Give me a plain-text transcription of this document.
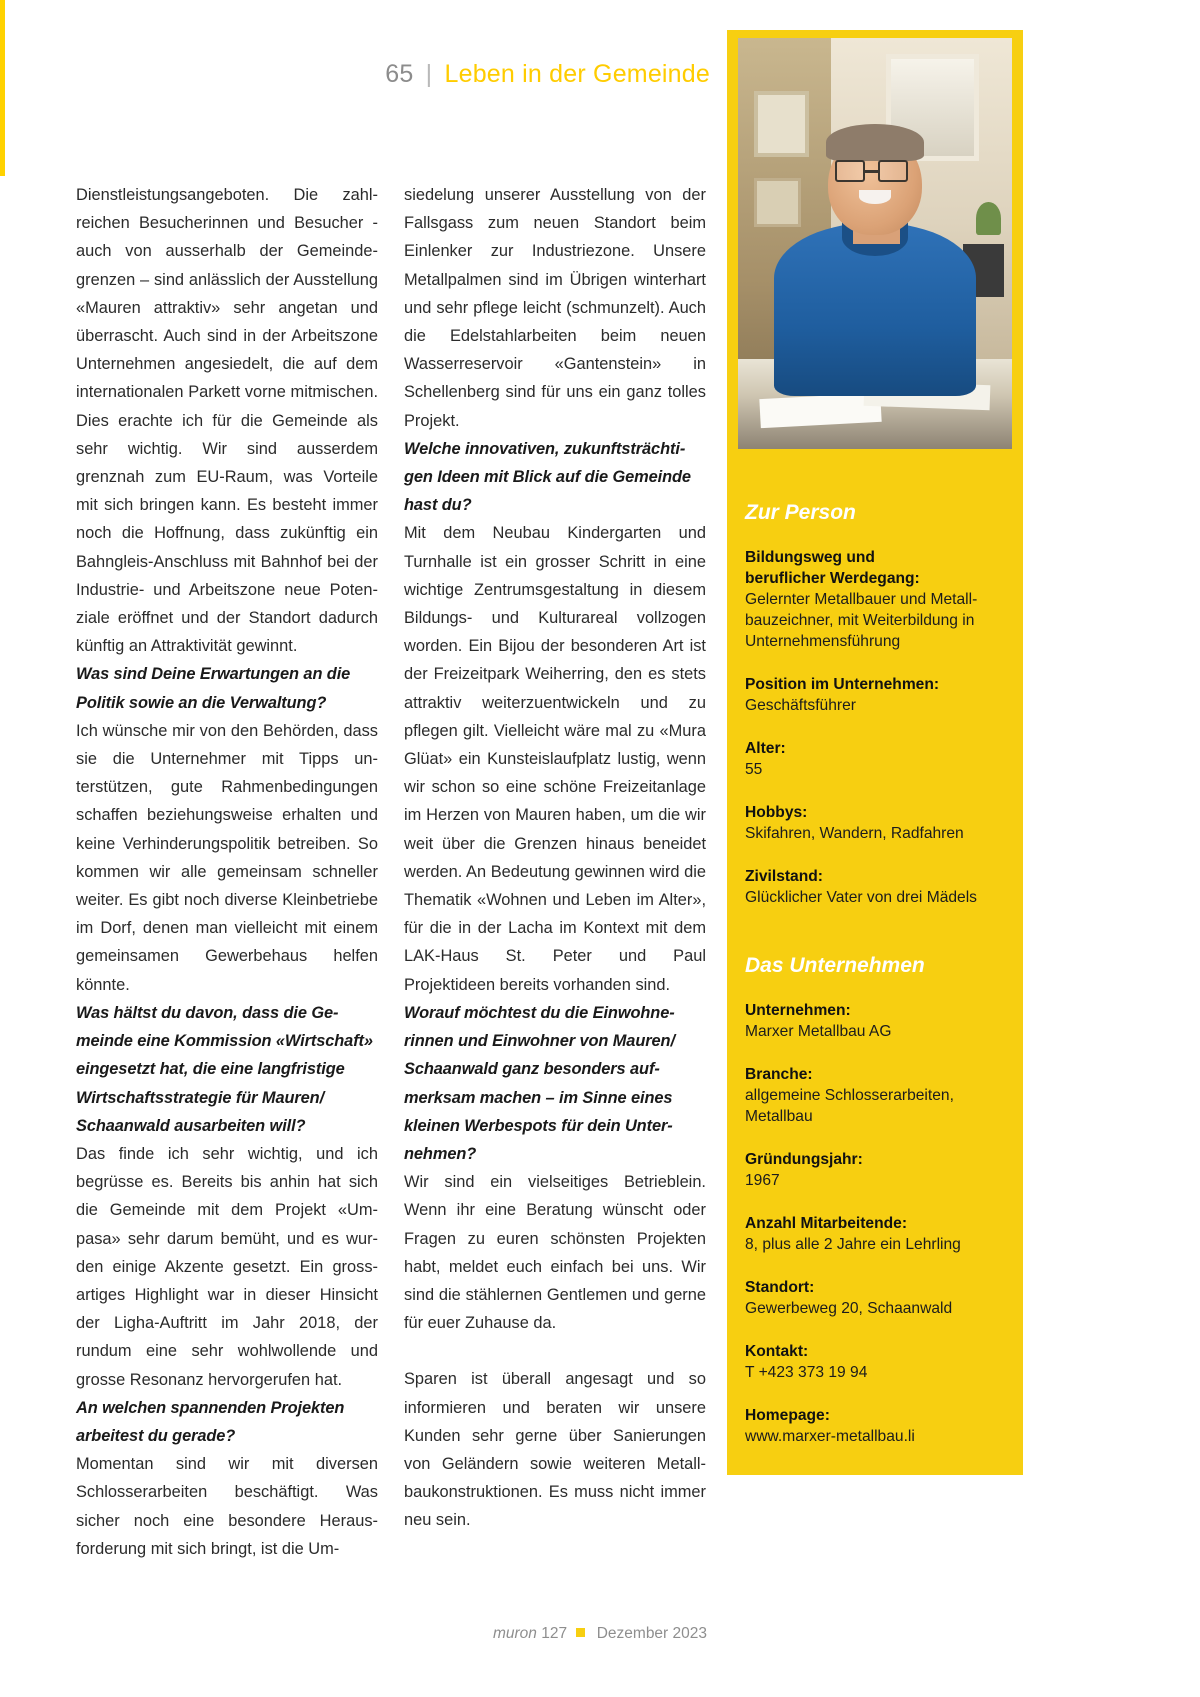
65 | Leben in der Gemeinde

Dienstleistungsangeboten. Die zahlreichen Besucherinnen und Besucher - auch von ausserhalb der Gemeindegrenzen – sind anlässlich der Ausstellung «Mauren attraktiv» sehr angetan und überrascht. Auch sind in der Arbeitszone Unternehmen angesiedelt, die auf dem internationalen Parkett vorne mitmischen. Dies erachte ich für die Gemeinde als sehr wichtig. Wir sind ausserdem grenznah zum EU-Raum, was Vorteile mit sich bringen kann. Es besteht immer noch die Hoffnung, dass zukünftig ein Bahngleis-Anschluss mit Bahnhof bei der Industrie- und Arbeitszone neue Potenziale eröffnet und der Standort dadurch künftig an Attraktivität gewinnt.

Was sind Deine Erwartungen an die Politik sowie an die Verwaltung?

Ich wünsche mir von den Behörden, dass sie die Unternehmer mit Tipps unterstützen, gute Rahmenbedingungen schaffen beziehungsweise erhalten und keine Verhinderungspolitik betreiben. So kommen wir alle gemeinsam schneller weiter. Es gibt noch diverse Kleinbetriebe im Dorf, denen man vielleicht mit einem gemeinsamen Gewerbehaus helfen könnte.

Was hältst du davon, dass die Gemeinde eine Kommission «Wirtschaft» eingesetzt hat, die eine langfristige Wirtschaftsstrategie für Mauren/ Schaanwald ausarbeiten will?

Das finde ich sehr wichtig, und ich begrüsse es. Bereits bis anhin hat sich die Gemeinde mit dem Projekt «Umpasa» sehr darum bemüht, und es wurden einige Akzente gesetzt. Ein grossartiges Highlight war in dieser Hinsicht der Ligha-Auftritt im Jahr 2018, der rundum eine sehr wohlwollende und grosse Resonanz hervorgerufen hat.

An welchen spannenden Projekten arbeitest du gerade?

Momentan sind wir mit diversen Schlosserarbeiten beschäftigt. Was sicher noch eine besondere Herausforderung mit sich bringt, ist die Um-

siedelung unserer Ausstellung von der Fallsgass zum neuen Standort beim Einlenker zur Industriezone. Unsere Metallpalmen sind im Übrigen winterhart und sehr pflege leicht (schmunzelt). Auch die Edelstahlarbeiten beim neuen Wasserreservoir «Gantenstein» in Schellenberg sind für uns ein ganz tolles Projekt.

Welche innovativen, zukunftsträchtigen Ideen mit Blick auf die Gemeinde hast du?

Mit dem Neubau Kindergarten und Turnhalle ist ein grosser Schritt in eine wichtige Zentrumsgestaltung in diesem Bildungs- und Kulturareal vollzogen worden. Ein Bijou der besonderen Art ist der Freizeitpark Weiherring, den es stets attraktiv weiterzuentwickeln und zu pflegen gilt. Vielleicht wäre mal zu «Mura Glüat» ein Kunsteislaufplatz lustig, wenn wir schon so eine schöne Freizeitanlage im Herzen von Mauren haben, um die wir weit über die Grenzen hinaus beneidet werden. An Bedeutung gewinnen wird die Thematik «Wohnen und Leben im Alter», für die in der Lacha im Kontext mit dem LAK-Haus St. Peter und Paul Projektideen bereits vorhanden sind.

Worauf möchtest du die Einwohnerinnen und Einwohner von Mauren/ Schaanwald ganz besonders aufmerksam machen – im Sinne eines kleinen Werbespots für dein Unternehmen?

Wir sind ein vielseitiges Betrieblein. Wenn ihr eine Beratung wünscht oder Fragen zu euren schönsten Projekten habt, meldet euch einfach bei uns. Wir sind die stählernen Gentlemen und gerne für euer Zuhause da.

Sparen ist überall angesagt und so informieren und beraten wir unsere Kunden sehr gerne über Sanierungen von Geländern sowie weiteren Metallbaukonstruktionen. Es muss nicht immer neu sein.

Zur Person
Bildungsweg und
beruflicher Werdegang:
Gelernter Metallbauer und Metall-
bauzeichner, mit Weiterbildung in
Unternehmensführung
Position im Unternehmen:
Geschäftsführer
Alter:
55
Hobbys:
Skifahren, Wandern, Radfahren
Zivilstand:
Glücklicher Vater von drei Mädels
Das Unternehmen
Unternehmen:
Marxer Metallbau AG
Branche:
allgemeine Schlosserarbeiten,
Metallbau
Gründungsjahr:
1967
Anzahl Mitarbeitende:
8, plus alle 2 Jahre ein Lehrling
Standort:
Gewerbeweg 20, Schaanwald
Kontakt:
T +423 373 19 94
Homepage:
www.marxer-metallbau.li
muron 127 Dezember 2023
